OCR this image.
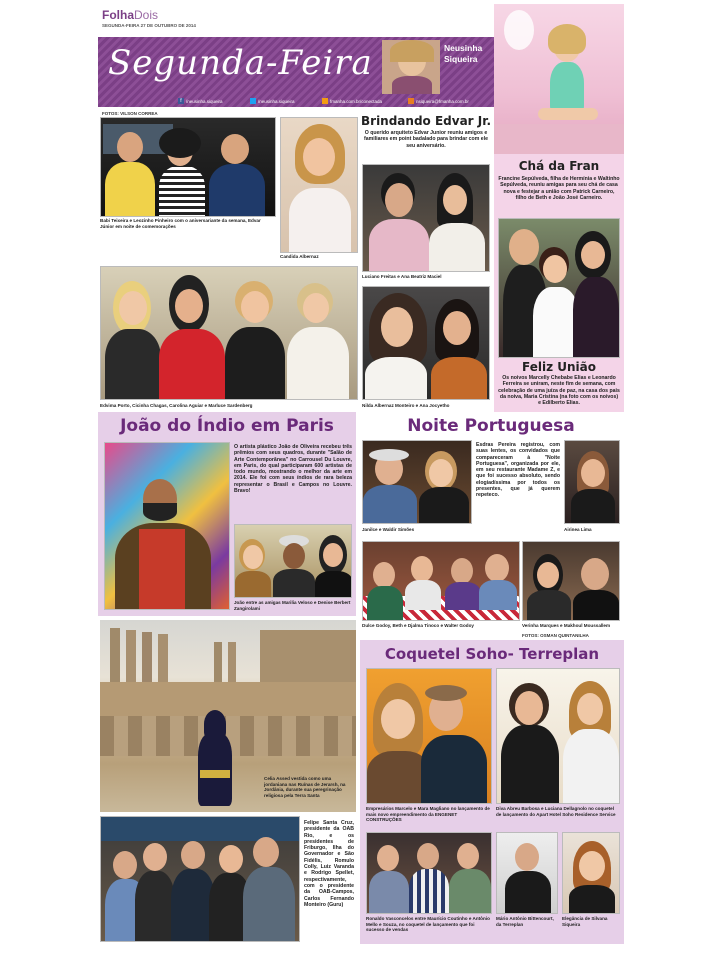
FolhaDois
SEGUNDA-FEIRA 27 DE OUTUBRO DE 2014
Segunda-Feira	Neusinha Siqueira
f /neusinha.siqueira	/neusinha.siqueira	fmanha.com.br/conectada	nsiqueira@fmanha.com.br
FOTOS: VILSON CORREA
Babi Teixeira e Leozinho Pinheiro com o aniversariante da semana, Edvar Júnior em noite de comemorações
Candida Albernaz
Edvima Porto, Cicinha Chagas, Carolina Aguiar e Marluce Sardenberg
Brindando Edvar Jr.
O querido arquiteto Edvar Junior reuniu amigos e familiares em point badalado para brindar com ele seu aniversário.
Luciano Freitas e Ana Beatriz Maciel
Nilda Albernaz Monteiro e Ana Jocyetho
Chá da Fran
Francine Sepúlveda, filha de Hermínia e Waltinho Sepúlveda, reuniu amigas para seu chá de casa nova e festejar a união com Patrick Carneiro, filho de Beth e João José Carneiro.
Feliz União
Os noivos Marcelly Chebabe Elias e Leonardo Ferreira se uniram, neste fim de semana, com celebração de uma juíza de paz, na casa dos pais da noiva, Maria Cristina (na foto com os noivos) e Edilberto Elias.
João do Índio em Paris
O artista plástico João de Oliveira recebeu três prêmios com seus quadros, durante "Salão de Arte Contemporânea" no Carrousel Du Louvre, em Paris, do qual participaram 600 artistas de todo mundo, mostrando o melhor da arte em 2014. Ele foi com seus índios de rara beleza representar o Brasil e Campos no Louvre. Bravo!
João entre as amigas Marilia Veloso e Denise Berbert Zangirolami
Noite Portuguesa
Janilce e Waldir Simões
Esdras Pereira registrou, com suas lentes, os convidados que compareceram à "Noite Portuguesa", organizada por ele, em seu restaurante Madame Z, e que foi sucesso absoluto, sendo elogiadíssima por todos os presentes, que já querem repeteco.
Airinea Lima
Dulce Godoy, Beth e Djalma Tinoco e Walter Godoy	Verinha Marques e Makhoul Moussallem
Celia Assed vestida como uma jordaniana nas Ruínas de Jerarsh, na Jordânia, durante sua peregrinação religiosa pela Terra Santa
Felipe Santa Cruz, presidente da OAB Rio, e os presidentes de Friburgo, Ilha do Governador e São Fidélis, Romulo Colly, Luiz Varanda e Rodrigo Spellet, respectivamente, com o presidente da OAB-Campos, Carlos Fernando Monteiro (Guru)
FOTOS: OSMAN QUINTANILHA
Coquetel Soho- Terreplan
Empresários Marcelo e Mara Magliano no lançamento de mais novo empreendimento da ENGENET CONSTRUÇÕES
Diva Abreu Barbosa e Luciana Dellagnolo no coquetel de lançamento do Apart Hotel Soho Residence Service
Ronaldo Vasconcelos entre Maurício Coutinho e Antônio Mello e Souza, no coquetel de lançamento que foi sucesso de vendas
Mário Antônio Bittencourt, da Terreplan
Elegância de Silvana Siqueira
